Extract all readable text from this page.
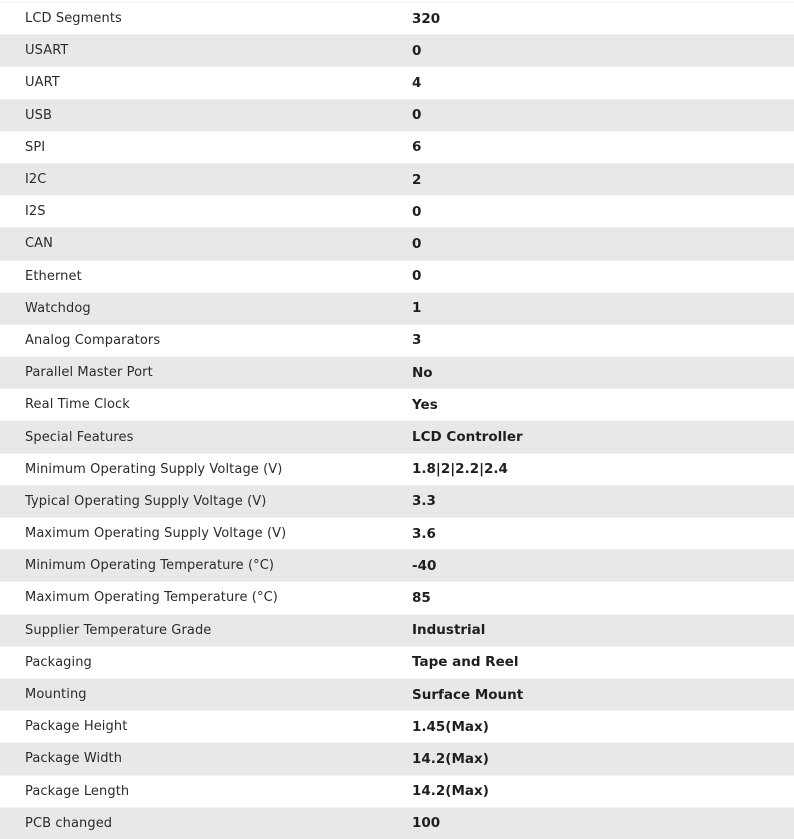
LCD Segments	320
USART	0
UART	4
USB	0
SPI	6
I2C	2
I2S	0
CAN	0
Ethernet	0
Watchdog	1
Analog Comparators	3
Parallel Master Port	No
Real Time Clock	Yes
Special Features	LCD Controller
Minimum Operating Supply Voltage (V)	1.8|2|2.2|2.4
Typical Operating Supply Voltage (V)	3.3
Maximum Operating Supply Voltage (V)	3.6
Minimum Operating Temperature (°C)	-40
Maximum Operating Temperature (°C)	85
Supplier Temperature Grade	Industrial
Packaging	Tape and Reel
Mounting	Surface Mount
Package Height	1.45(Max)
Package Width	14.2(Max)
Package Length	14.2(Max)
PCB changed	100
